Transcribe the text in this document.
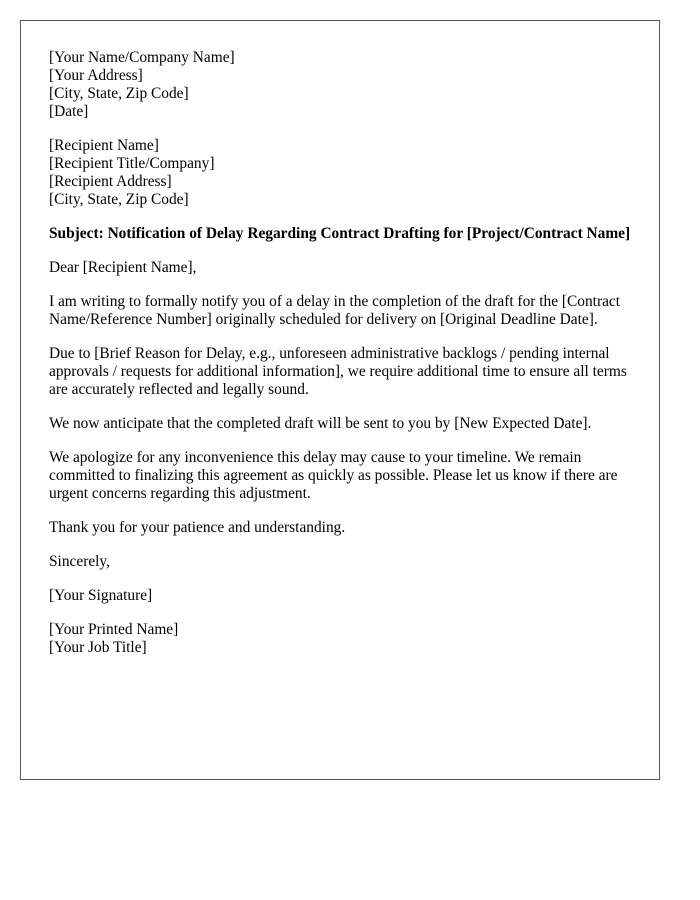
[Your Name/Company Name]
[Your Address]
[City, State, Zip Code]
[Date]
[Recipient Name]
[Recipient Title/Company]
[Recipient Address]
[City, State, Zip Code]

Subject: Notification of Delay Regarding Contract Drafting for [Project/Contract Name]

Dear [Recipient Name],

I am writing to formally notify you of a delay in the completion of the draft for the [Contract Name/Reference Number] originally scheduled for delivery on [Original Deadline Date].

Due to [Brief Reason for Delay, e.g., unforeseen administrative backlogs / pending internal approvals / requests for additional information], we require additional time to ensure all terms are accurately reflected and legally sound.

We now anticipate that the completed draft will be sent to you by [New Expected Date].

We apologize for any inconvenience this delay may cause to your timeline. We remain committed to finalizing this agreement as quickly as possible. Please let us know if there are urgent concerns regarding this adjustment.

Thank you for your patience and understanding.

Sincerely,

[Your Signature]

[Your Printed Name]
[Your Job Title]
